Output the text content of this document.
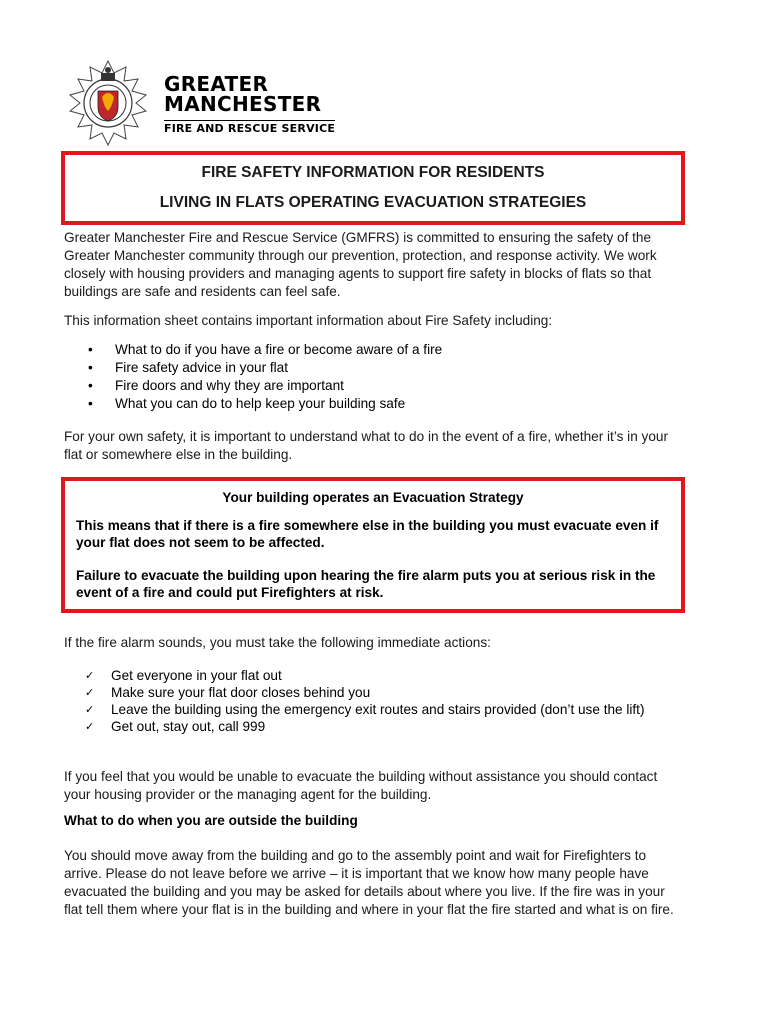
GREATER
MANCHESTER
FIRE AND RESCUE SERVICE
FIRE SAFETY INFORMATION FOR RESIDENTS
LIVING IN FLATS OPERATING EVACUATION STRATEGIES
Greater Manchester Fire and Rescue Service (GMFRS) is committed to ensuring the safety of the Greater Manchester community through our prevention, protection, and response activity. We work closely with housing providers and managing agents to support fire safety in blocks of flats so that buildings are safe and residents can feel safe.
This information sheet contains important information about Fire Safety including:
• What to do if you have a fire or become aware of a fire
• Fire safety advice in your flat
• Fire doors and why they are important
• What you can do to help keep your building safe
For your own safety, it is important to understand what to do in the event of a fire, whether it’s in your flat or somewhere else in the building.
Your building operates an Evacuation Strategy
This means that if there is a fire somewhere else in the building you must evacuate even if your flat does not seem to be affected.
Failure to evacuate the building upon hearing the fire alarm puts you at serious risk in the event of a fire and could put Firefighters at risk.
If the fire alarm sounds, you must take the following immediate actions:
✓ Get everyone in your flat out
✓ Make sure your flat door closes behind you
✓ Leave the building using the emergency exit routes and stairs provided (don’t use the lift)
✓ Get out, stay out, call 999
If you feel that you would be unable to evacuate the building without assistance you should contact your housing provider or the managing agent for the building.
What to do when you are outside the building
You should move away from the building and go to the assembly point and wait for Firefighters to arrive. Please do not leave before we arrive – it is important that we know how many people have evacuated the building and you may be asked for details about where you live. If the fire was in your flat tell them where your flat is in the building and where in your flat the fire started and what is on fire.
